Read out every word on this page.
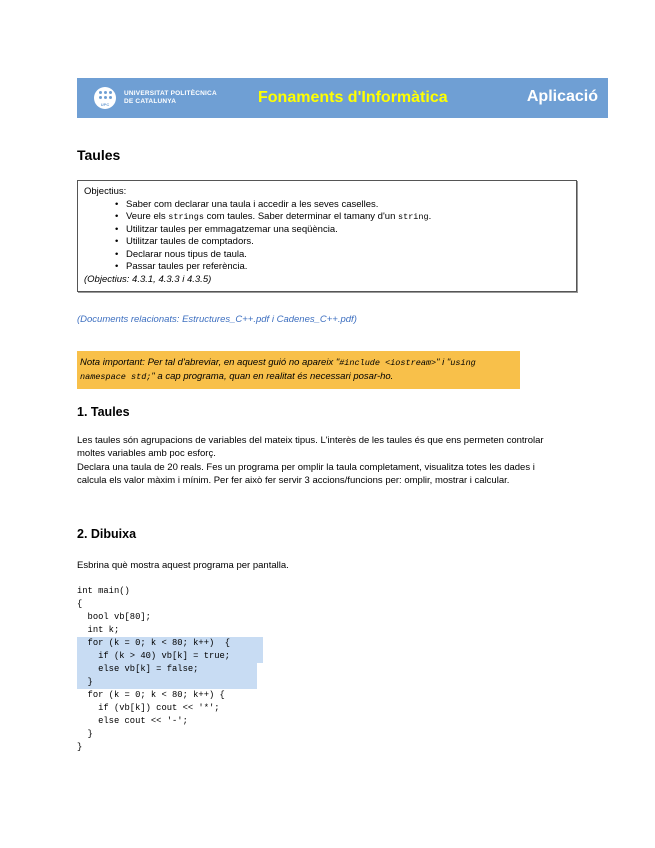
UPC
UNIVERSITAT POLITÈCNICA
DE CATALUNYA	Fonaments d'Informàtica	Aplicació
Taules
Objectius:
• Saber com declarar una taula i accedir a les seves caselles.
• Veure els strings com taules. Saber determinar el tamany d'un string.
• Utilitzar taules per emmagatzemar una seqüència.
• Utilitzar taules de comptadors.
• Declarar nous tipus de taula.
• Passar taules per referència.
(Objectius: 4.3.1, 4.3.3 i 4.3.5)
(Documents relacionats: Estructures_C++.pdf i Cadenes_C++.pdf)
Nota important: Per tal d'abreviar, en aquest guió no apareix "#include <iostream>" i "using namespace std;" a cap programa, quan en realitat és necessari posar-ho.
1. Taules
Les taules són agrupacions de variables del mateix tipus. L'interès de les taules és que ens permeten controlar moltes variables amb poc esforç.
Declara una taula de 20 reals. Fes un programa per omplir la taula completament, visualitza totes les dades i calcula els valor màxim i mínim. Per fer això fer servir 3 accions/funcions per: omplir, mostrar i calcular.
2. Dibuixa
Esbrina què mostra aquest programa per pantalla.
int main()
{
bool vb[80];
int k;
for (k = 0; k < 80; k++)  {
if (k > 40) vb[k] = true;
else vb[k] = false;
}
for (k = 0; k < 80; k++) {
if (vb[k]) cout << '*';
else cout << '-';
}
}
